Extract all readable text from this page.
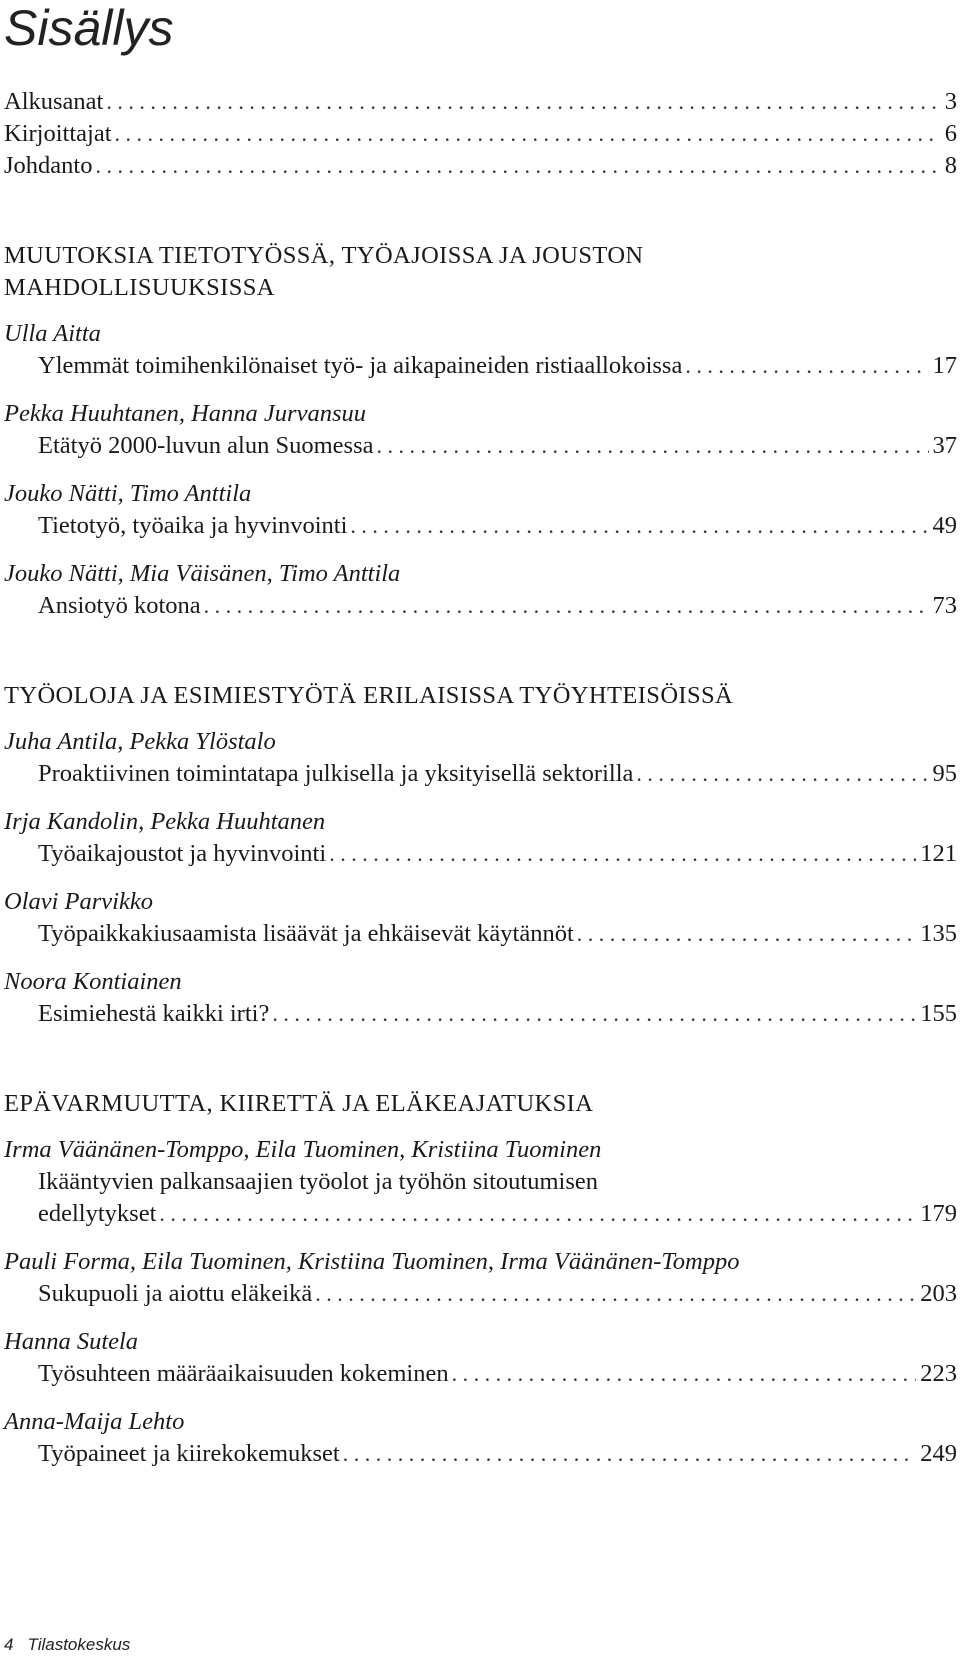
Sisällys
Alkusanat . . .	3
Kirjoittajat . . .	6
Johdanto . . .	8
MUUTOKSIA TIETOTYÖSSÄ, TYÖAJOISSA JA JOUSTON
MAHDOLLISUUKSISSA
Ulla Aitta
Ylemmät toimihenkilönaiset työ- ja aikapaineiden ristiaallokoissa . . .	17
Pekka Huuhtanen, Hanna Jurvansuu
Etätyö 2000-luvun alun Suomessa . . .	37
Jouko Nätti, Timo Anttila
Tietotyö, työaika ja hyvinvointi . . .	49
Jouko Nätti, Mia Väisänen, Timo Anttila
Ansiotyö kotona . . .	73
TYÖOLOJA JA ESIMIESTYÖTÄ ERILAISISSA TYÖYHTEISÖISSÄ
Juha Antila, Pekka Ylöstalo
Proaktiivinen toimintatapa julkisella ja yksityisellä sektorilla . . .	95
Irja Kandolin, Pekka Huuhtanen
Työaikajoustot ja hyvinvointi . . .	121
Olavi Parvikko
Työpaikkakiusaamista lisäävät ja ehkäisevät käytännöt . . .	135
Noora Kontiainen
Esimiehestä kaikki irti? . . .	155
EPÄVARMUUTTA, KIIRETTÄ JA ELÄKEAJATUKSIA
Irma Väänänen-Tomppo, Eila Tuominen, Kristiina Tuominen
Ikääntyvien palkansaajien työolot ja työhön sitoutumisen
edellytykset . . .	179
Pauli Forma, Eila Tuominen, Kristiina Tuominen, Irma Väänänen-Tomppo
Sukupuoli ja aiottu eläkeikä . . .	203
Hanna Sutela
Työsuhteen määräaikaisuuden kokeminen . . .	223
Anna-Maija Lehto
Työpaineet ja kiirekokemukset . . .	249
4 Tilastokeskus
